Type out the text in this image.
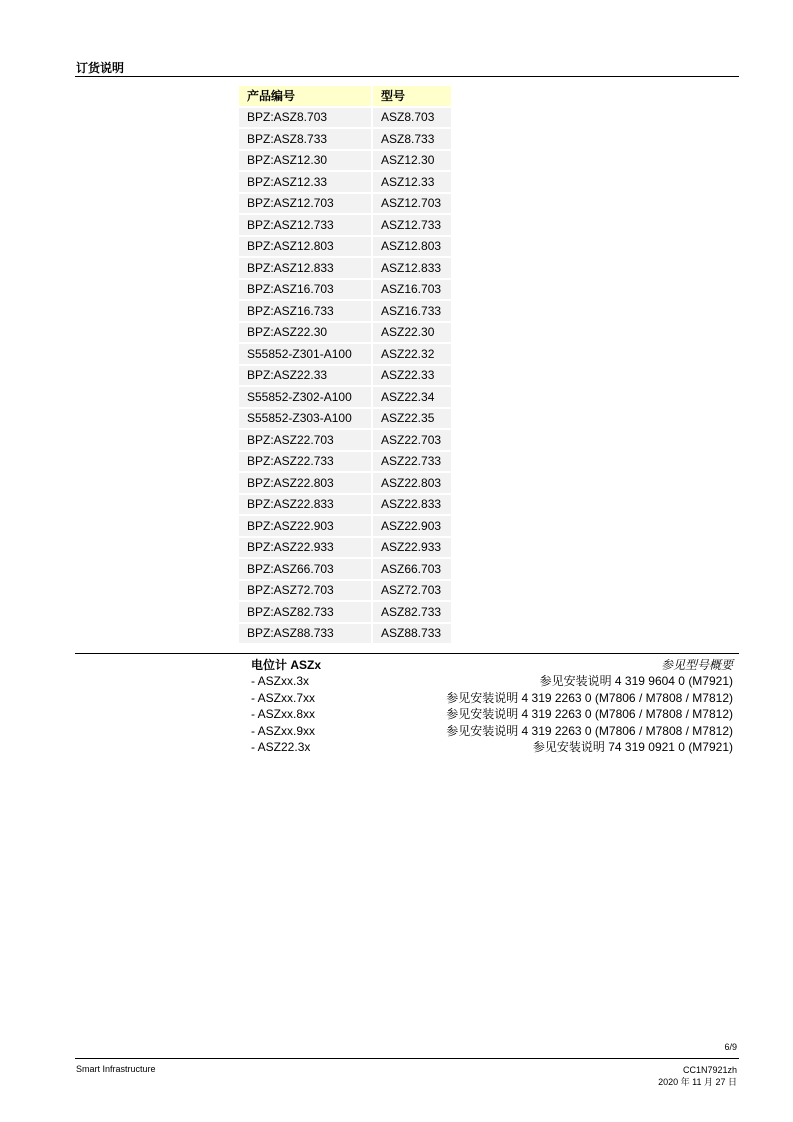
订货说明
产品编号	型号
BPZ:ASZ8.703	ASZ8.703
BPZ:ASZ8.733	ASZ8.733
BPZ:ASZ12.30	ASZ12.30
BPZ:ASZ12.33	ASZ12.33
BPZ:ASZ12.703	ASZ12.703
BPZ:ASZ12.733	ASZ12.733
BPZ:ASZ12.803	ASZ12.803
BPZ:ASZ12.833	ASZ12.833
BPZ:ASZ16.703	ASZ16.703
BPZ:ASZ16.733	ASZ16.733
BPZ:ASZ22.30	ASZ22.30
S55852-Z301-A100	ASZ22.32
BPZ:ASZ22.33	ASZ22.33
S55852-Z302-A100	ASZ22.34
S55852-Z303-A100	ASZ22.35
BPZ:ASZ22.703	ASZ22.703
BPZ:ASZ22.733	ASZ22.733
BPZ:ASZ22.803	ASZ22.803
BPZ:ASZ22.833	ASZ22.833
BPZ:ASZ22.903	ASZ22.903
BPZ:ASZ22.933	ASZ22.933
BPZ:ASZ66.703	ASZ66.703
BPZ:ASZ72.703	ASZ72.703
BPZ:ASZ82.733	ASZ82.733
BPZ:ASZ88.733	ASZ88.733
电位计 ASZx	参见型号概要
- ASZxx.3x	参见安装说明 4 319 9604 0 (M7921)
- ASZxx.7xx	参见安装说明 4 319 2263 0 (M7806 / M7808 / M7812)
- ASZxx.8xx	参见安装说明 4 319 2263 0 (M7806 / M7808 / M7812)
- ASZxx.9xx	参见安装说明 4 319 2263 0 (M7806 / M7808 / M7812)
- ASZ22.3x	参见安装说明 74 319 0921 0 (M7921)
6/9
Smart Infrastructure	CC1N7921zh
2020 年 11 月 27 日
